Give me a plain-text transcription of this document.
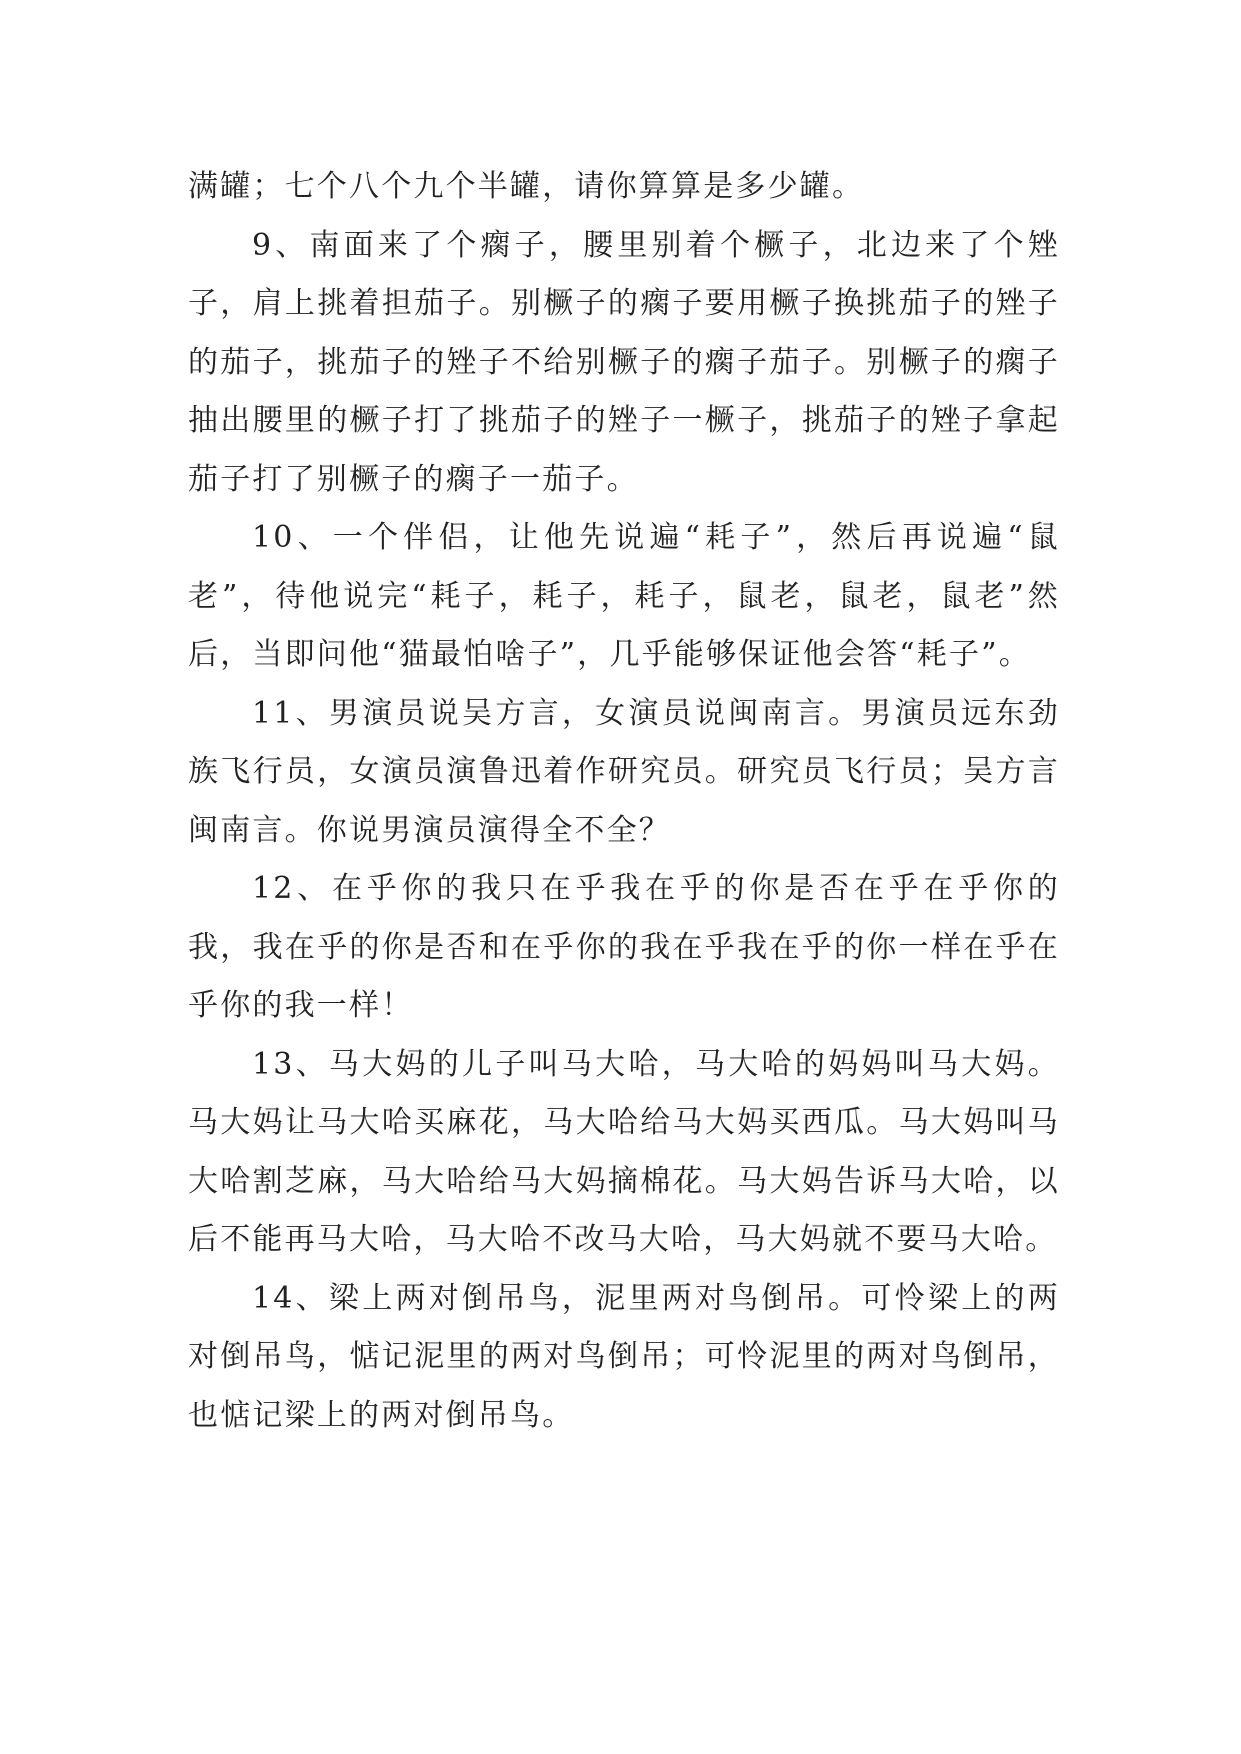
满罐；七个八个九个半罐，请你算算是多少罐。

9、南面来了个瘸子，腰里别着个橛子，北边来了个矬子，肩上挑着担茄子。别橛子的瘸子要用橛子换挑茄子的矬子的茄子，挑茄子的矬子不给别橛子的瘸子茄子。别橛子的瘸子抽出腰里的橛子打了挑茄子的矬子一橛子，挑茄子的矬子拿起茄子打了别橛子的瘸子一茄子。

10、一个伴侣，让他先说遍“耗子”，然后再说遍“鼠老”，待他说完“耗子，耗子，耗子，鼠老，鼠老，鼠老”然后，当即问他“猫最怕啥子”，几乎能够保证他会答“耗子”。

11、男演员说吴方言，女演员说闽南言。男演员远东劲族飞行员，女演员演鲁迅着作研究员。研究员飞行员；吴方言闽南言。你说男演员演得全不全？

12、在乎你的我只在乎我在乎的你是否在乎在乎你的我，我在乎的你是否和在乎你的我在乎我在乎的你一样在乎在乎你的我一样！

13、马大妈的儿子叫马大哈，马大哈的妈妈叫马大妈。马大妈让马大哈买麻花，马大哈给马大妈买西瓜。马大妈叫马大哈割芝麻，马大哈给马大妈摘棉花。马大妈告诉马大哈，以后不能再马大哈，马大哈不改马大哈，马大妈就不要马大哈。

14、梁上两对倒吊鸟，泥里两对鸟倒吊。可怜梁上的两对倒吊鸟，惦记泥里的两对鸟倒吊；可怜泥里的两对鸟倒吊，也惦记梁上的两对倒吊鸟。
